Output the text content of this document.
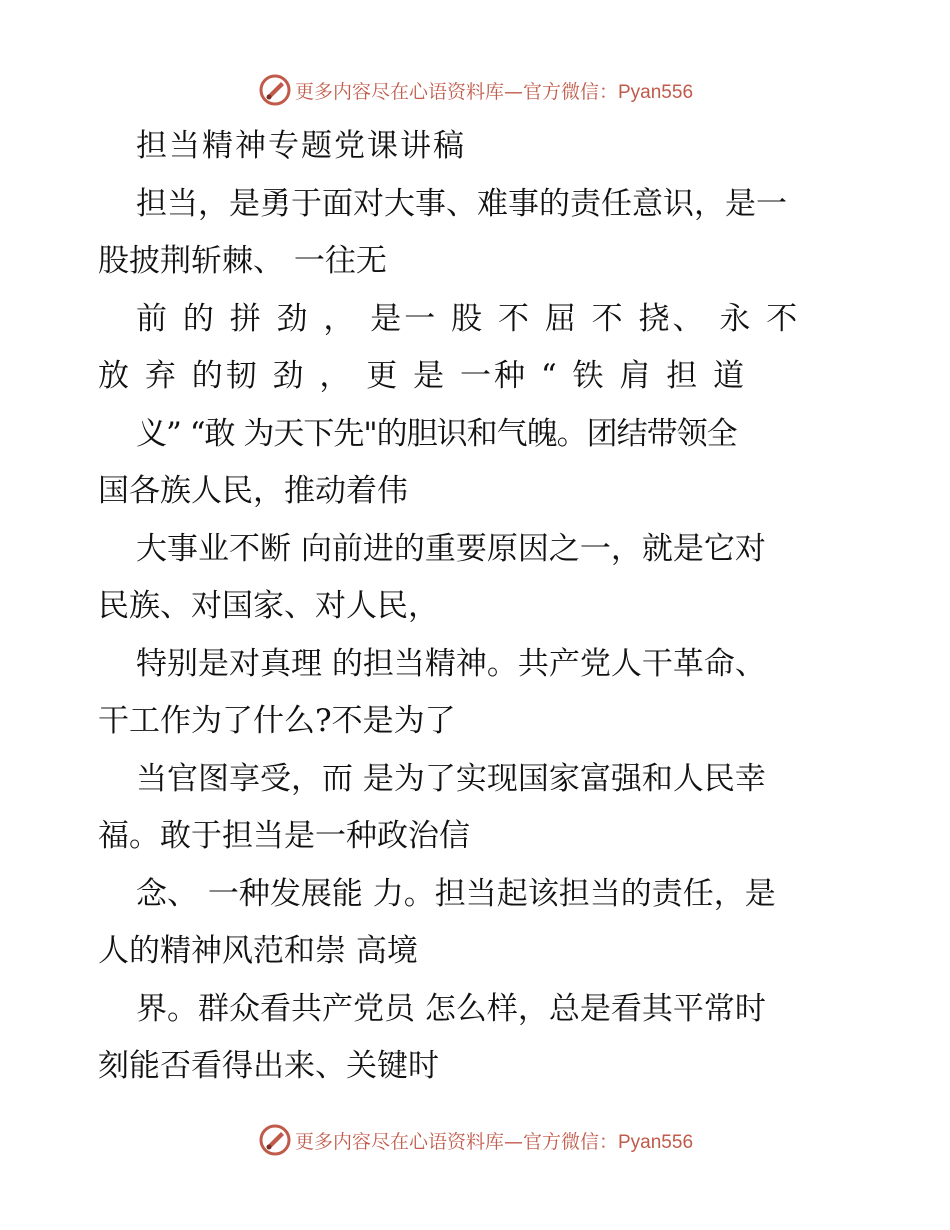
更多内容尽在心语资料库—官方微信：Pyan556
担当精神专题党课讲稿
担当，是勇于面对大事、难事的责任意识，是一
股披荆斩棘、 一往无
前 的 拼 劲 ， 是一 股 不 屈 不 挠、 永 不
放 弃 的韧 劲 ， 更 是 一种 “ 铁 肩 担 道
义” “敢 为天下先"的胆识和气魄。团结带领全
国各族人民，推动着伟
大事业不断 向前进的重要原因之一，就是它对
民族、对国家、对人民，
特别是对真理 的担当精神。共产党人干革命、
干工作为了什么?不是为了
当官图享受，而 是为了实现国家富强和人民幸
福。敢于担当是一种政治信
念、 一种发展能 力。担当起该担当的责任，是
人的精神风范和崇 高境
界。群众看共产党员 怎么样，总是看其平常时
刻能否看得出来、关键时
更多内容尽在心语资料库—官方微信：Pyan556
